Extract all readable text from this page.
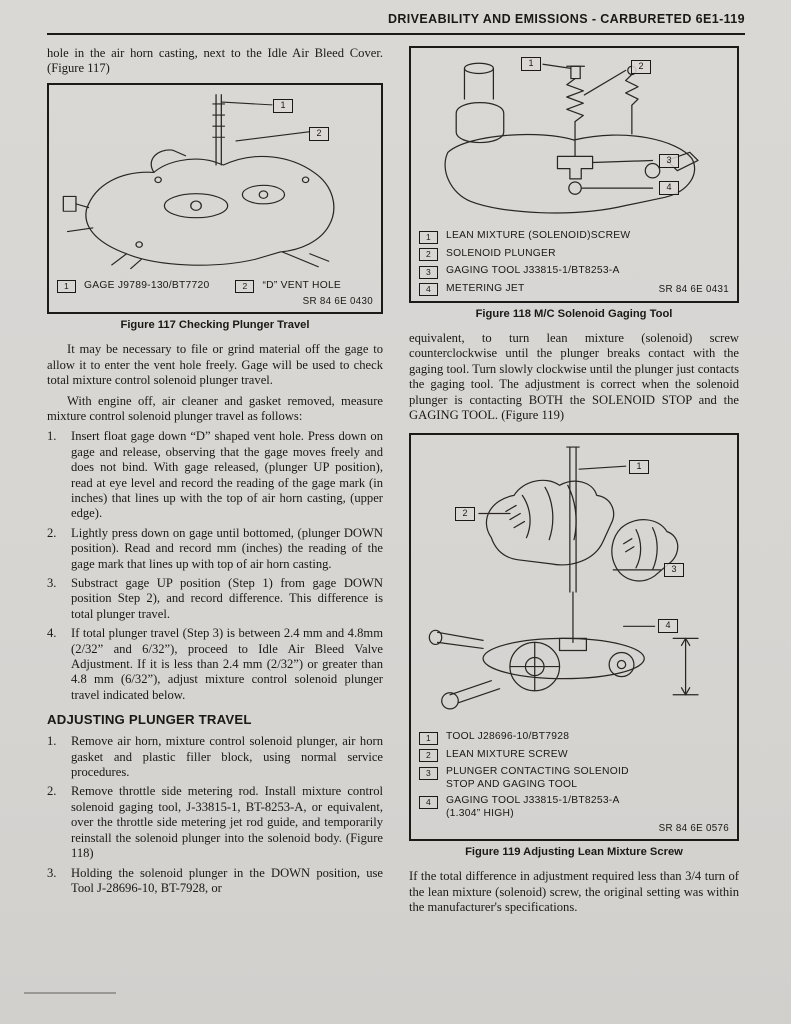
DRIVEABILITY AND EMISSIONS - CARBURETED 6E1-119

hole in the air horn casting, next to the Idle Air Bleed Cover. (Figure 117)

1
2
1	GAGE J9789-130/BT7720	2	“D” VENT HOLE
SR 84 6E 0430
Figure 117 Checking Plunger Travel

It may be necessary to file or grind material off the gage to allow it to enter the vent hole freely. Gage will be used to check total mixture control solenoid plunger travel.

With engine off, air cleaner and gasket removed, measure mixture control solenoid plunger travel as follows:

1.	Insert float gage down “D” shaped vent hole. Press down on gage and release, observing that the gage moves freely and does not bind. With gage released, (plunger UP position), read at eye level and record the reading of the gage mark (in inches) that lines up with the top of air horn casting, (upper edge).
2.	Lightly press down on gage until bottomed, (plunger DOWN position). Read and record mm (inches) the reading of the gage mark that lines up with top of air horn casting.
3.	Substract gage UP position (Step 1) from gage DOWN position Step 2), and record difference. This difference is total plunger travel.
4.	If total plunger travel (Step 3) is between 2.4 mm and 4.8mm (2/32” and 6/32”), proceed to Idle Air Bleed Valve Adjustment. If it is less than 2.4 mm (2/32”) or greater than 4.8 mm (6/32”), adjust mixture control solenoid plunger travel indicated below.
ADJUSTING PLUNGER TRAVEL
1.	Remove air horn, mixture control solenoid plunger, air horn gasket and plastic filler block, using normal service procedures.
2.	Remove throttle side metering rod. Install mixture control solenoid gaging tool, J-33815-1, BT-8253-A, or equivalent, over the throttle side metering jet rod guide, and temporarily reinstall the solenoid plunger into the solenoid body. (Figure 118)
3.	Holding the solenoid plunger in the DOWN position, use Tool J-28696-10, BT-7928, or
1	2
3
4
1	LEAN MIXTURE (SOLENOID)SCREW
2	SOLENOID PLUNGER
3	GAGING TOOL J33815-1/BT8253-A
4	METERING JET	SR 84 6E 0431
Figure 118 M/C Solenoid Gaging Tool

equivalent, to turn lean mixture (solenoid) screw counterclockwise until the plunger breaks contact with the gaging tool. Turn slowly clockwise until the plunger just contacts the gaging tool. The adjustment is correct when the solenoid plunger is contacting BOTH the SOLENOID STOP and the GAGING TOOL. (Figure 119)

1
2
3
4
1	TOOL J28696-10/BT7928
2	LEAN MIXTURE SCREW
3	PLUNGER CONTACTING SOLENOID STOP AND GAGING TOOL
4	GAGING TOOL J33815-1/BT8253-A (1.304” HIGH)
SR 84 6E 0576
Figure 119 Adjusting Lean Mixture Screw

If the total difference in adjustment required less than 3/4 turn of the lean mixture (solenoid) screw, the original setting was within the manufacturer's specifications.
